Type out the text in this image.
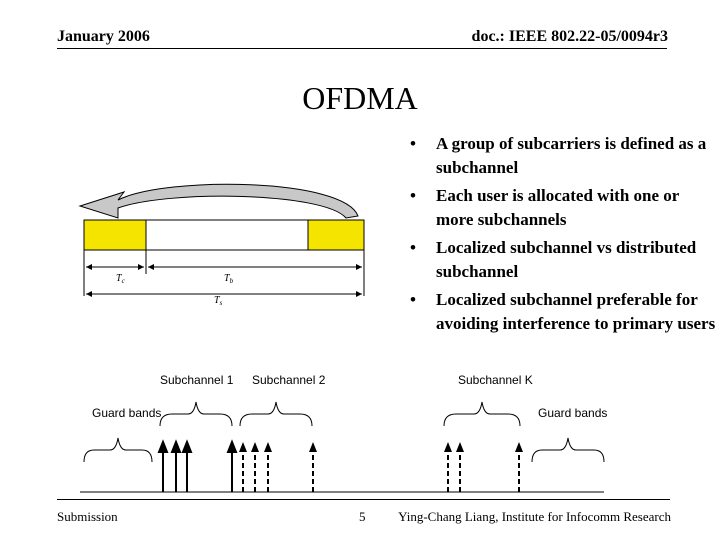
January 2006	doc.: IEEE 802.22-05/0094r3
OFDMA
• A group of subcarriers is defined as a subchannel
• Each user is allocated with one or more subchannels
• Localized subchannel vs distributed subchannel
• Localized subchannel preferable for avoiding interference to primary users
$T_c$	$T_b$
$T_s$
Subchannel 1 Subchannel 2	Subchannel K
Guard bands	Guard bands
Submission	5	Ying-Chang Liang, Institute for Infocomm Research
